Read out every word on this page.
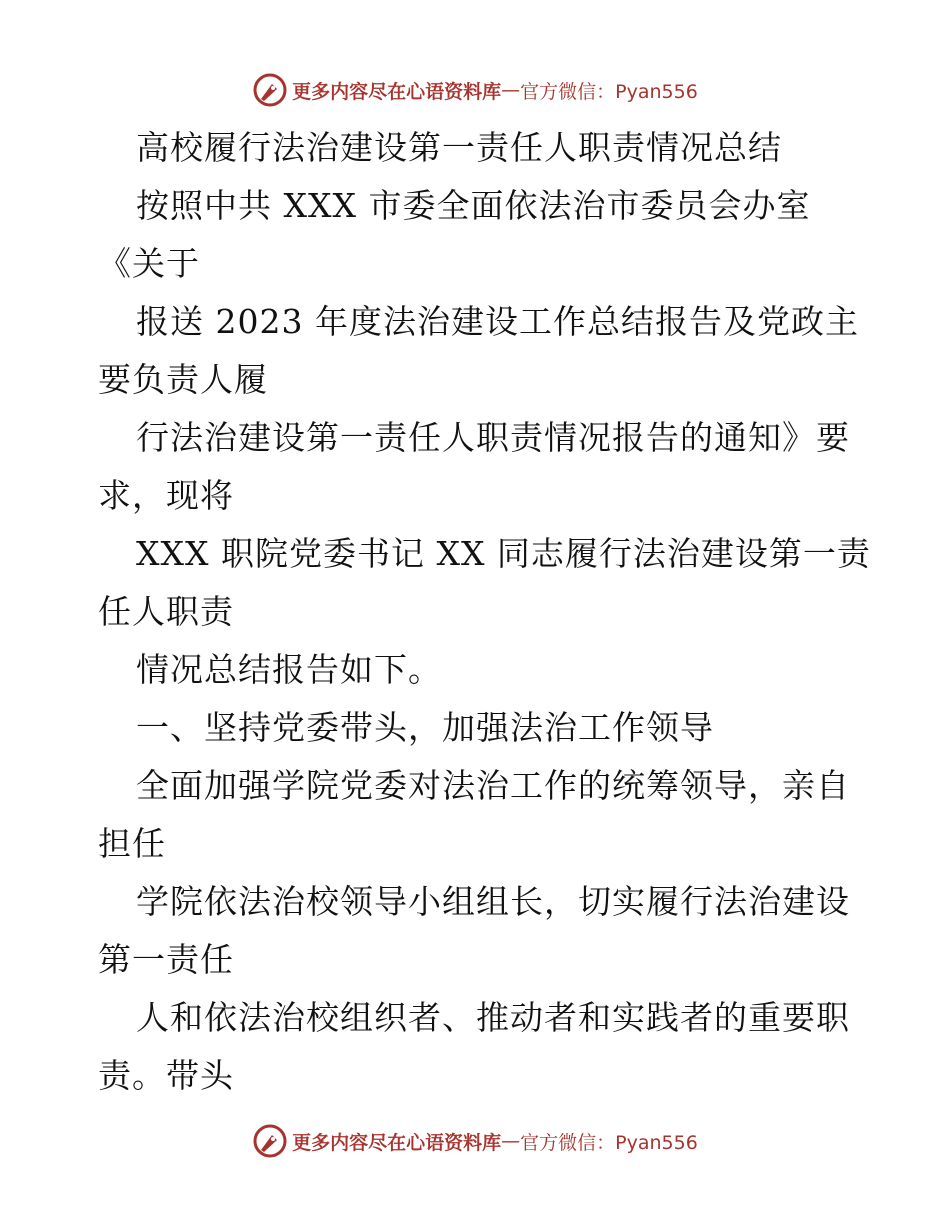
更多内容尽在心语资料库 — 官方微信：Pyan556
高校履行法治建设第一责任人职责情况总结
按照中共 XXX 市委全面依法治市委员会办室
《关于
报送 2023 年度法治建设工作总结报告及党政主
要负责人履
行法治建设第一责任人职责情况报告的通知》要
求，现将
XXX 职院党委书记 XX 同志履行法治建设第一责
任人职责
情况总结报告如下。
一、坚持党委带头，加强法治工作领导
全面加强学院党委对法治工作的统筹领导，亲自
担任
学院依法治校领导小组组长，切实履行法治建设
第一责任
人和依法治校组织者、推动者和实践者的重要职
责。带头
更多内容尽在心语资料库 — 官方微信：Pyan556
